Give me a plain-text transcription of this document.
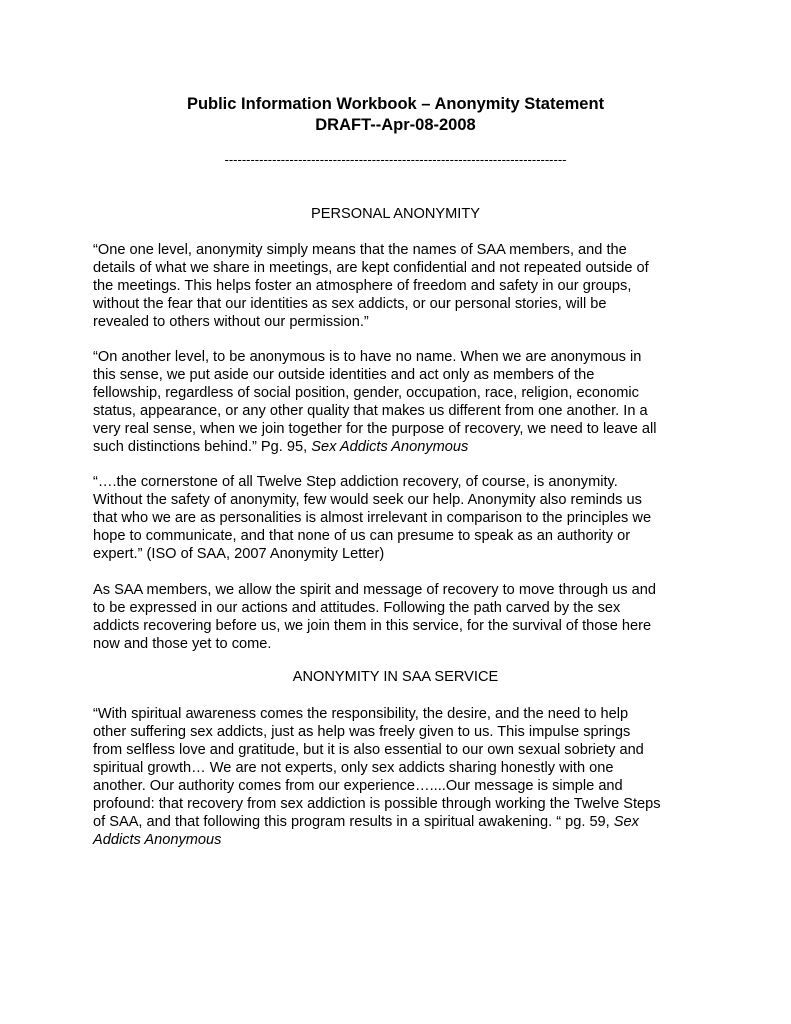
Public Information Workbook – Anonymity Statement

DRAFT--Apr-08-2008

-------------------------------------------------------------------------------

PERSONAL ANONYMITY

“One one level, anonymity simply means that the names of SAA members, and the
details of what we share in meetings, are kept confidential and not repeated outside of
the meetings. This helps foster an atmosphere of freedom and safety in our groups,
without the fear that our identities as sex addicts, or our personal stories, will be
revealed to others without our permission.”
“On another level, to be anonymous is to have no name. When we are anonymous in
this sense, we put aside our outside identities and act only as members of the
fellowship, regardless of social position, gender, occupation, race, religion, economic
status, appearance, or any other quality that makes us different from one another. In a
very real sense, when we join together for the purpose of recovery, we need to leave all
such distinctions behind.” Pg. 95, Sex Addicts Anonymous
“….the cornerstone of all Twelve Step addiction recovery, of course, is anonymity.
Without the safety of anonymity, few would seek our help. Anonymity also reminds us
that who we are as personalities is almost irrelevant in comparison to the principles we
hope to communicate, and that none of us can presume to speak as an authority or
expert.” (ISO of SAA, 2007 Anonymity Letter)
As SAA members, we allow the spirit and message of recovery to move through us and
to be expressed in our actions and attitudes. Following the path carved by the sex
addicts recovering before us, we join them in this service, for the survival of those here
now and those yet to come.

ANONYMITY IN SAA SERVICE

“With spiritual awareness comes the responsibility, the desire, and the need to help
other suffering sex addicts, just as help was freely given to us. This impulse springs
from selfless love and gratitude, but it is also essential to our own sexual sobriety and
spiritual growth… We are not experts, only sex addicts sharing honestly with one
another. Our authority comes from our experience…....Our message is simple and
profound: that recovery from sex addiction is possible through working the Twelve Steps
of SAA, and that following this program results in a spiritual awakening. “ pg. 59, Sex
Addicts Anonymous
